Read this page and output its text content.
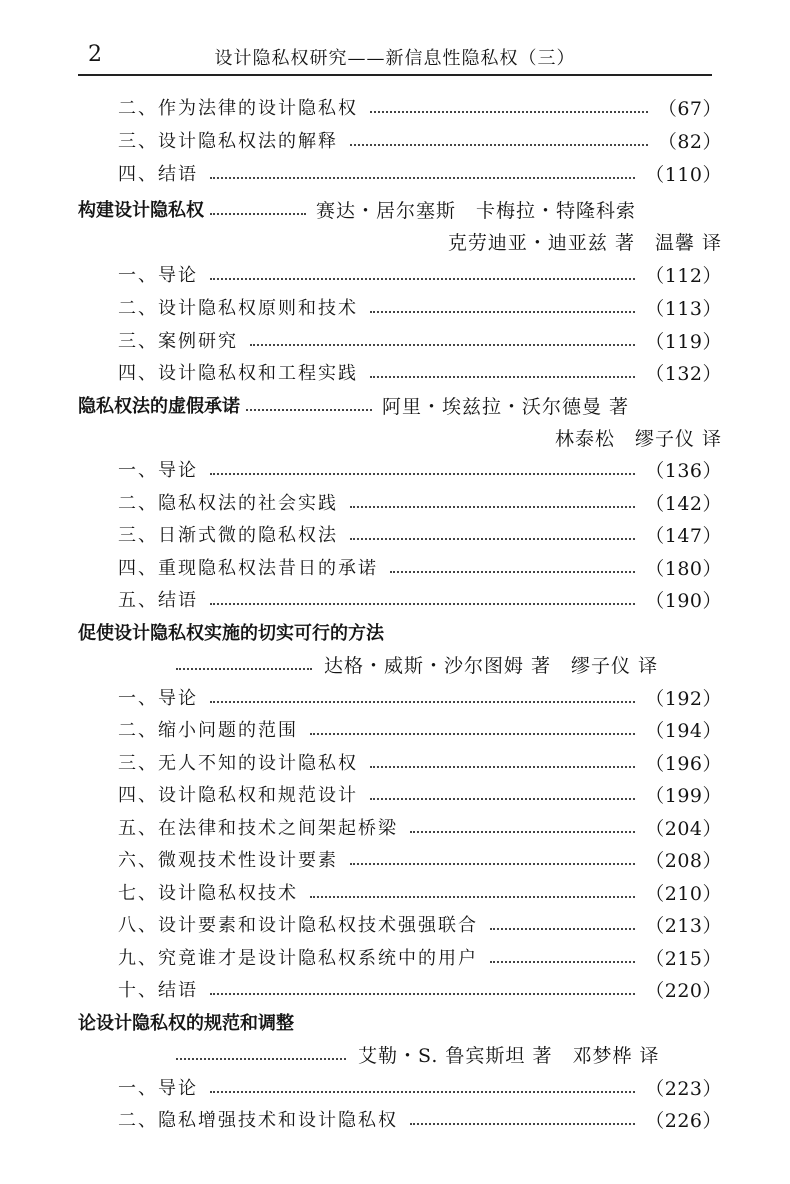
2	设计隐私权研究——新信息性隐私权（三）
二、作为法律的设计隐私权	（67）
三、设计隐私权法的解释	（82）
四、结语	（110）
构建设计隐私权	赛达・居尔塞斯　卡梅拉・特隆科索
克劳迪亚・迪亚兹 著　温馨 译
一、导论	（112）
二、设计隐私权原则和技术	（113）
三、案例研究	（119）
四、设计隐私权和工程实践	（132）
隐私权法的虚假承诺	阿里・埃兹拉・沃尔德曼 著
林泰松　缪子仪 译
一、导论	（136）
二、隐私权法的社会实践	（142）
三、日渐式微的隐私权法	（147）
四、重现隐私权法昔日的承诺	（180）
五、结语	（190）
促使设计隐私权实施的切实可行的方法
达格・威斯・沙尔图姆 著　缪子仪 译
一、导论	（192）
二、缩小问题的范围	（194）
三、无人不知的设计隐私权	（196）
四、设计隐私权和规范设计	（199）
五、在法律和技术之间架起桥梁	（204）
六、微观技术性设计要素	（208）
七、设计隐私权技术	（210）
八、设计要素和设计隐私权技术强强联合	（213）
九、究竟谁才是设计隐私权系统中的用户	（215）
十、结语	（220）
论设计隐私权的规范和调整
艾勒・S. 鲁宾斯坦 著　邓梦桦 译
一、导论	（223）
二、隐私增强技术和设计隐私权	（226）
